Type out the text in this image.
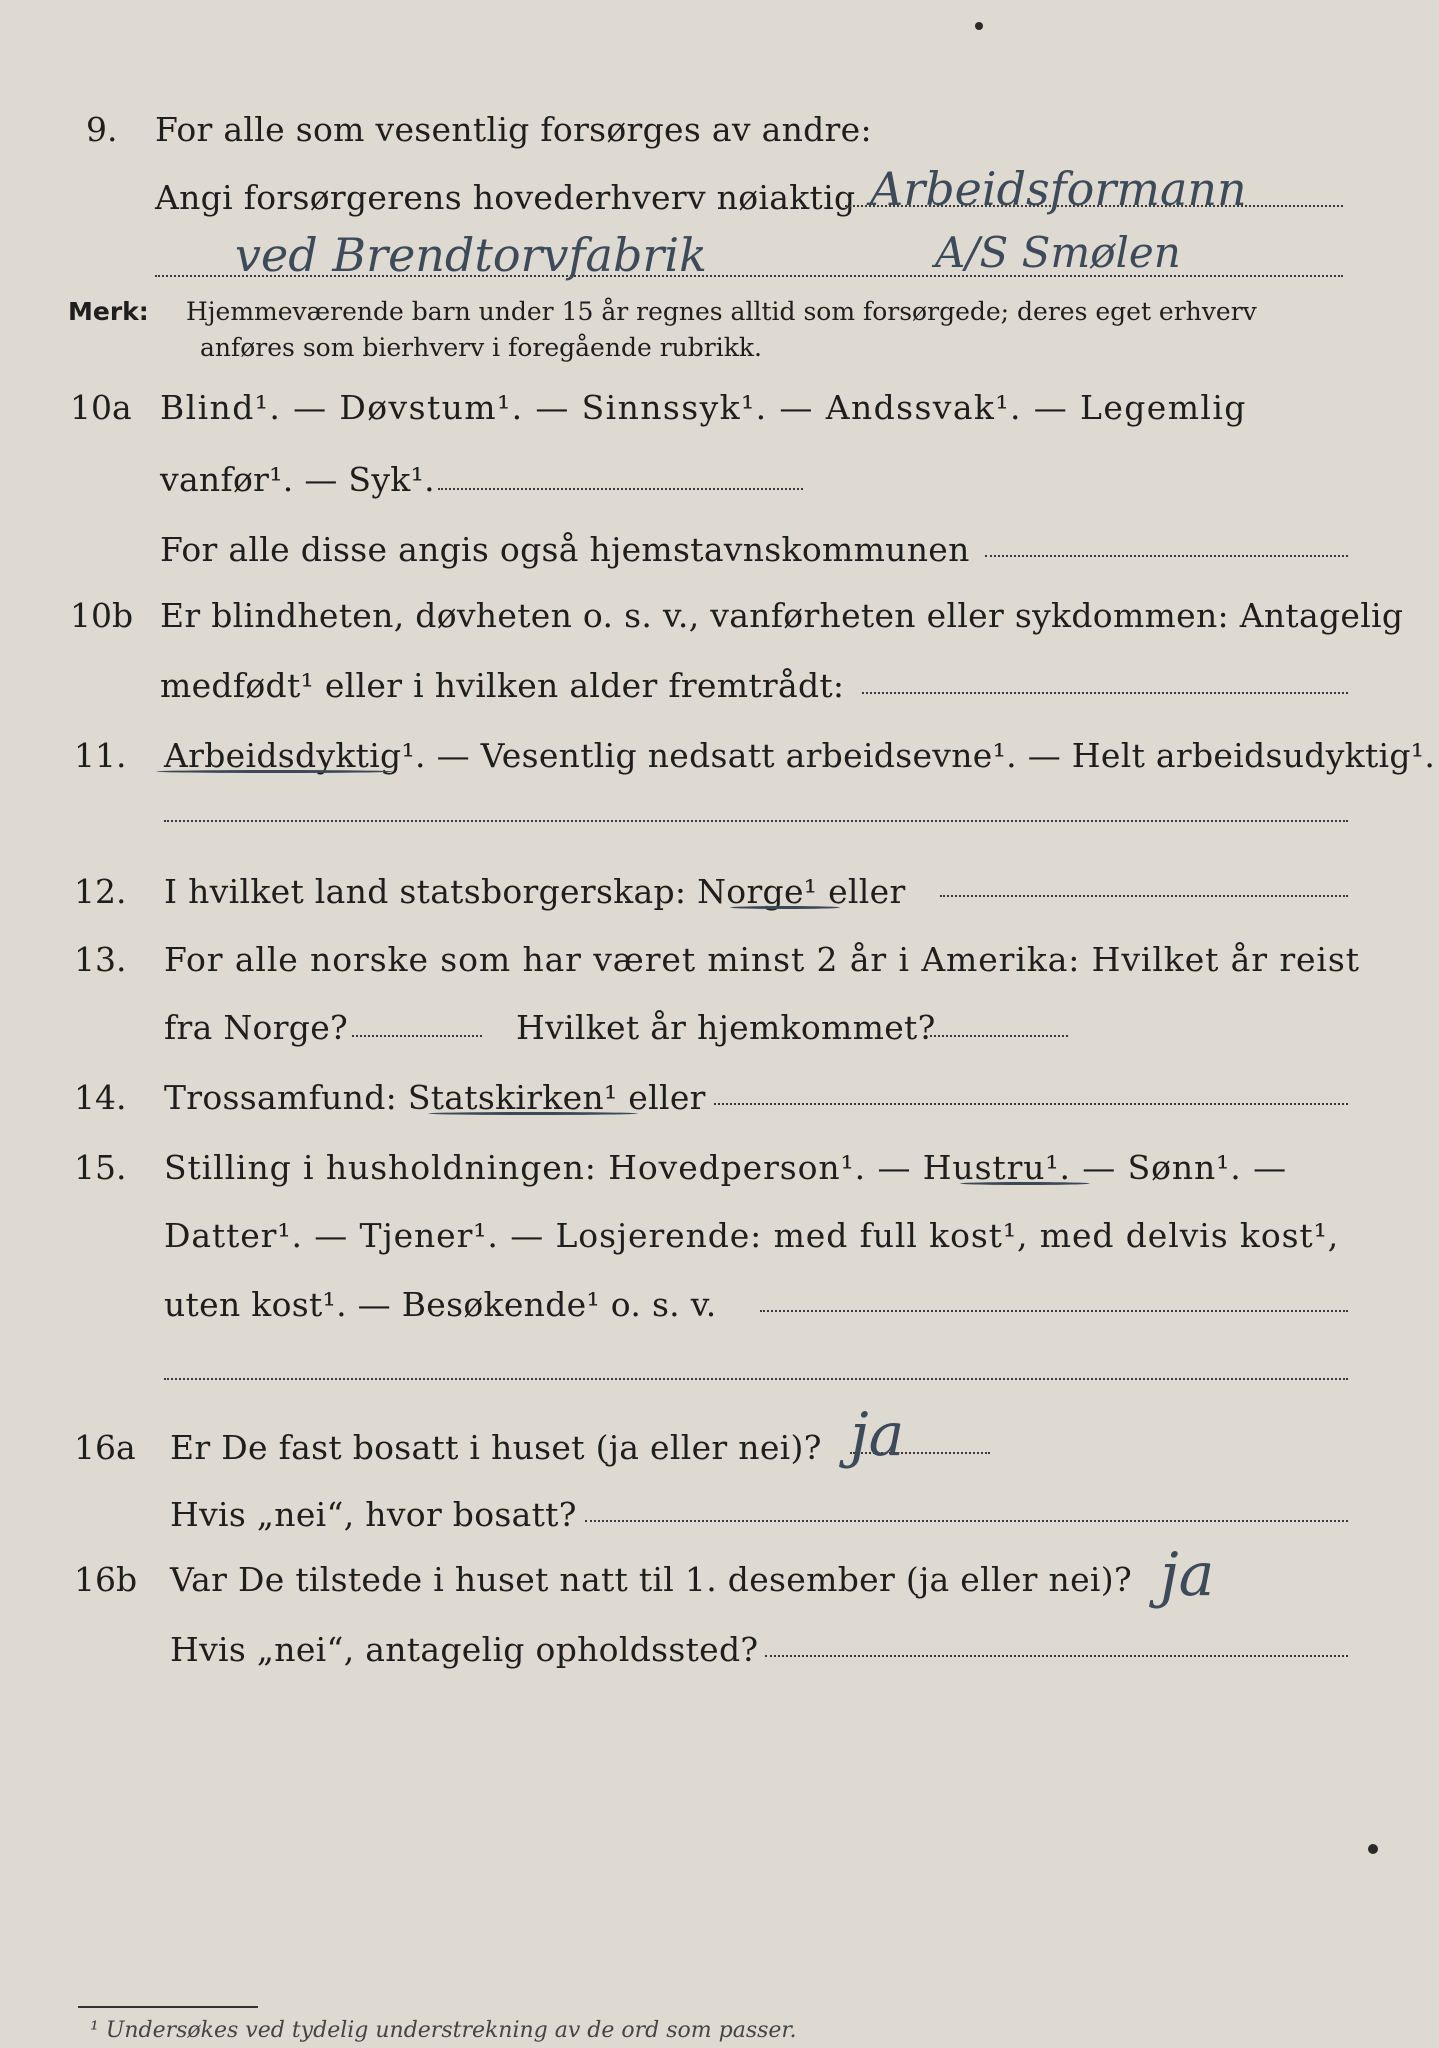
9. For alle som vesentlig forsørges av andre:
Angi forsørgerens hovederhverv nøiaktig Arbeidsformann
ved Brendtorvfabrik	A/S Smølen
Merk: Hjemmeværende barn under 15 år regnes alltid som forsørgede; deres eget erhverv
anføres som bierhverv i foregående rubrikk.
10a Blind¹. — Døvstum¹. — Sinnssyk¹. — Andssvak¹. — Legemlig
vanfør¹. — Syk¹.
For alle disse angis også hjemstavnskommunen
10b Er blindheten, døvheten o. s. v., vanførheten eller sykdommen: Antagelig
medfødt¹ eller i hvilken alder fremtrådt:
11. Arbeidsdyktig¹. — Vesentlig nedsatt arbeidsevne¹. — Helt arbeidsudyktig¹.
12. I hvilket land statsborgerskap: Norge¹ eller
13. For alle norske som har været minst 2 år i Amerika: Hvilket år reist
fra Norge?	Hvilket år hjemkommet?
14. Trossamfund: Statskirken¹ eller
15. Stilling i husholdningen: Hovedperson¹. — Hustru¹. — Sønn¹. —
Datter¹. — Tjener¹. — Losjerende: med full kost¹, med delvis kost¹,
uten kost¹. — Besøkende¹ o. s. v.
16a Er De fast bosatt i huset (ja eller nei)? ja
Hvis „nei“, hvor bosatt?
16b Var De tilstede i huset natt til 1. desember (ja eller nei)? ja
Hvis „nei“, antagelig opholdssted?
¹ Undersøkes ved tydelig understrekning av de ord som passer.
